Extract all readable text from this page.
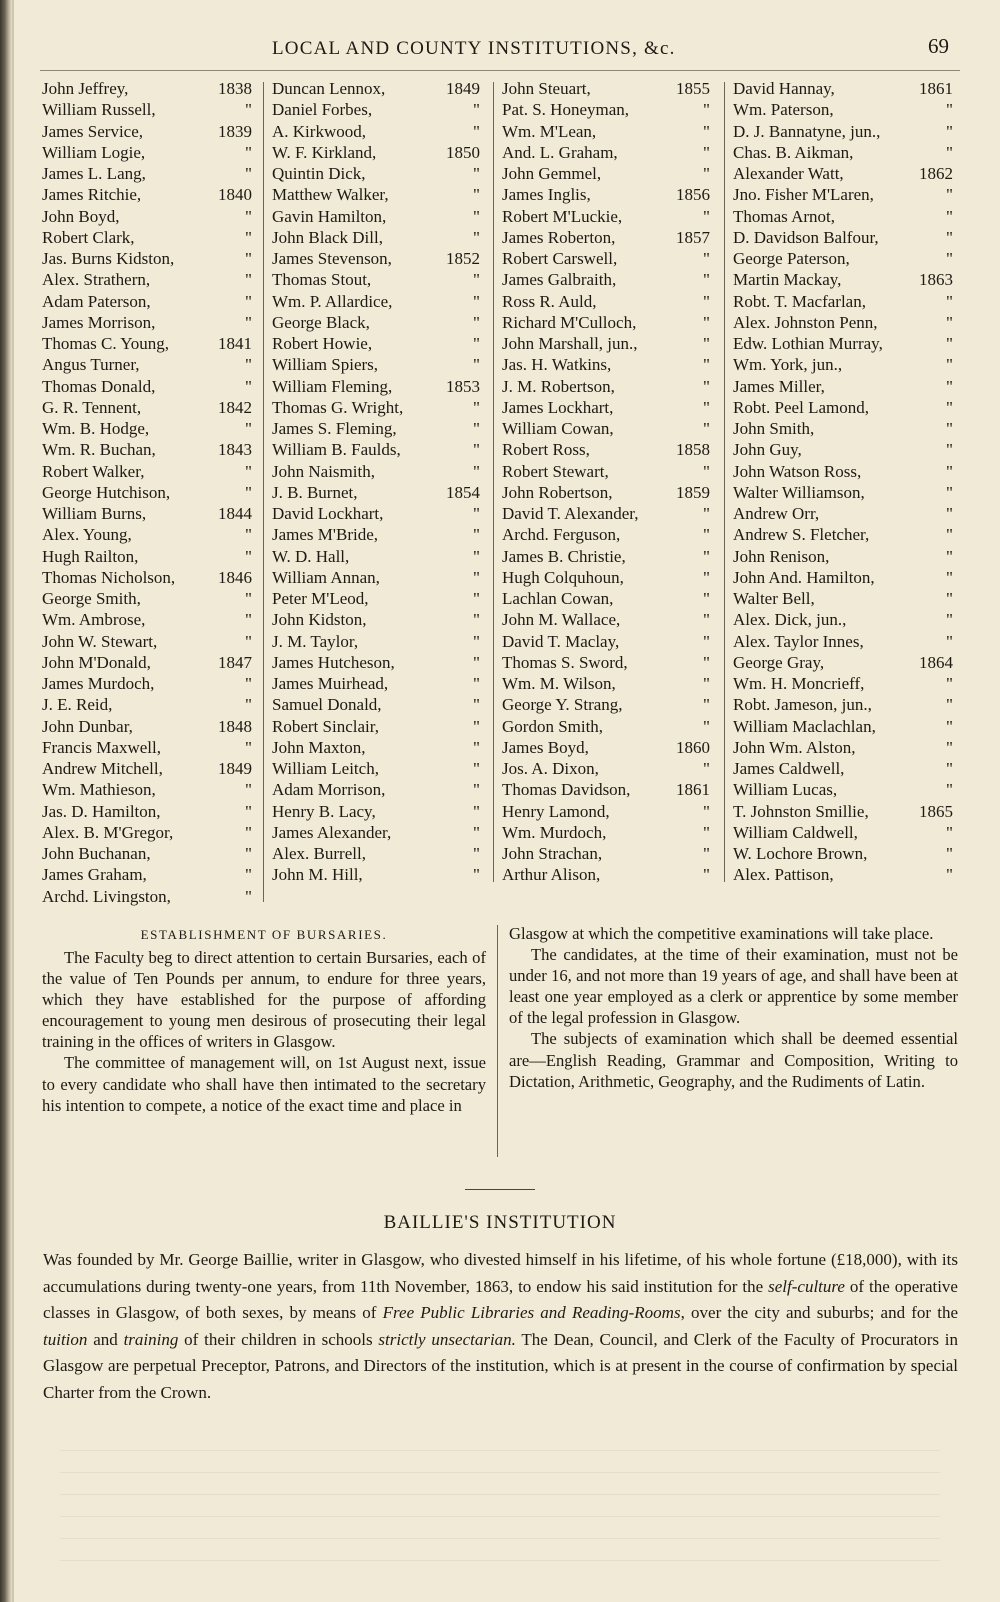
LOCAL AND COUNTY INSTITUTIONS, &c.	69
John Jeffrey,	1838
William Russell,	"
James Service,	1839
William Logie,	"
James L. Lang,	"
James Ritchie,	1840
John Boyd,	"
Robert Clark,	"
Jas. Burns Kidston,	"
Alex. Strathern,	"
Adam Paterson,	"
James Morrison,	"
Thomas C. Young,	1841
Angus Turner,	"
Thomas Donald,	"
G. R. Tennent,	1842
Wm. B. Hodge,	"
Wm. R. Buchan,	1843
Robert Walker,	"
George Hutchison,	"
William Burns,	1844
Alex. Young,	"
Hugh Railton,	"
Thomas Nicholson,	1846
George Smith,	"
Wm. Ambrose,	"
John W. Stewart,	"
John M'Donald,	1847
James Murdoch,	"
J. E. Reid,	"
John Dunbar,	1848
Francis Maxwell,	"
Andrew Mitchell,	1849
Wm. Mathieson,	"
Jas. D. Hamilton,	"
Alex. B. M'Gregor,	"
John Buchanan,	"
James Graham,	"
Archd. Livingston,	"
Duncan Lennox,	1849
Daniel Forbes,	"
A. Kirkwood,	"
W. F. Kirkland,	1850
Quintin Dick,	"
Matthew Walker,	"
Gavin Hamilton,	"
John Black Dill,	"
James Stevenson,	1852
Thomas Stout,	"
Wm. P. Allardice,	"
George Black,	"
Robert Howie,	"
William Spiers,	"
William Fleming,	1853
Thomas G. Wright,	"
James S. Fleming,	"
William B. Faulds,	"
John Naismith,	"
J. B. Burnet,	1854
David Lockhart,	"
James M'Bride,	"
W. D. Hall,	"
William Annan,	"
Peter M'Leod,	"
John Kidston,	"
J. M. Taylor,	"
James Hutcheson,	"
James Muirhead,	"
Samuel Donald,	"
Robert Sinclair,	"
John Maxton,	"
William Leitch,	"
Adam Morrison,	"
Henry B. Lacy,	"
James Alexander,	"
Alex. Burrell,	"
John M. Hill,	"
John Steuart,	1855
Pat. S. Honeyman,	"
Wm. M'Lean,	"
And. L. Graham,	"
John Gemmel,	"
James Inglis,	1856
Robert M'Luckie,	"
James Roberton,	1857
Robert Carswell,	"
James Galbraith,	"
Ross R. Auld,	"
Richard M'Culloch,	"
John Marshall, jun.,	"
Jas. H. Watkins,	"
J. M. Robertson,	"
James Lockhart,	"
William Cowan,	"
Robert Ross,	1858
Robert Stewart,	"
John Robertson,	1859
David T. Alexander,	"
Archd. Ferguson,	"
James B. Christie,	"
Hugh Colquhoun,	"
Lachlan Cowan,	"
John M. Wallace,	"
David T. Maclay,	"
Thomas S. Sword,	"
Wm. M. Wilson,	"
George Y. Strang,	"
Gordon Smith,	"
James Boyd,	1860
Jos. A. Dixon,	"
Thomas Davidson,	1861
Henry Lamond,	"
Wm. Murdoch,	"
John Strachan,	"
Arthur Alison,	"
David Hannay,	1861
Wm. Paterson,	"
D. J. Bannatyne, jun.,	"
Chas. B. Aikman,	"
Alexander Watt,	1862
Jno. Fisher M'Laren,	"
Thomas Arnot,	"
D. Davidson Balfour,	"
George Paterson,	"
Martin Mackay,	1863
Robt. T. Macfarlan,	"
Alex. Johnston Penn,	"
Edw. Lothian Murray,	"
Wm. York, jun.,	"
James Miller,	"
Robt. Peel Lamond,	"
John Smith,	"
John Guy,	"
John Watson Ross,	"
Walter Williamson,	"
Andrew Orr,	"
Andrew S. Fletcher,	"
John Renison,	"
John And. Hamilton,	"
Walter Bell,	"
Alex. Dick, jun.,	"
Alex. Taylor Innes,	"
George Gray,	1864
Wm. H. Moncrieff,	"
Robt. Jameson, jun.,	"
William Maclachlan,	"
John Wm. Alston,	"
James Caldwell,	"
William Lucas,	"
T. Johnston Smillie,	1865
William Caldwell,	"
W. Lochore Brown,	"
Alex. Pattison,	"
ESTABLISHMENT OF BURSARIES.

The Faculty beg to direct attention to certain Bursaries, each of the value of Ten Pounds per annum, to endure for three years, which they have established for the purpose of affording encouragement to young men desirous of prosecuting their legal training in the offices of writers in Glasgow.

The committee of management will, on 1st August next, issue to every candidate who shall have then intimated to the secretary his intention to compete, a notice of the exact time and place in

Glasgow at which the competitive examinations will take place.

The candidates, at the time of their examination, must not be under 16, and not more than 19 years of age, and shall have been at least one year employed as a clerk or apprentice by some member of the legal profession in Glasgow.

The subjects of examination which shall be deemed essential are—English Reading, Grammar and Composition, Writing to Dictation, Arithmetic, Geography, and the Rudiments of Latin.

BAILLIE'S INSTITUTION

Was founded by Mr. George Baillie, writer in Glasgow, who divested himself in his lifetime, of his whole fortune (£18,000), with its accumulations during twenty-one years, from 11th November, 1863, to endow his said institution for the self-culture of the operative classes in Glasgow, of both sexes, by means of Free Public Libraries and Reading-Rooms, over the city and suburbs; and for the tuition and training of their children in schools strictly unsectarian. The Dean, Council, and Clerk of the Faculty of Procurators in Glasgow are perpetual Preceptor, Patrons, and Directors of the institution, which is at present in the course of confirmation by special Charter from the Crown.
